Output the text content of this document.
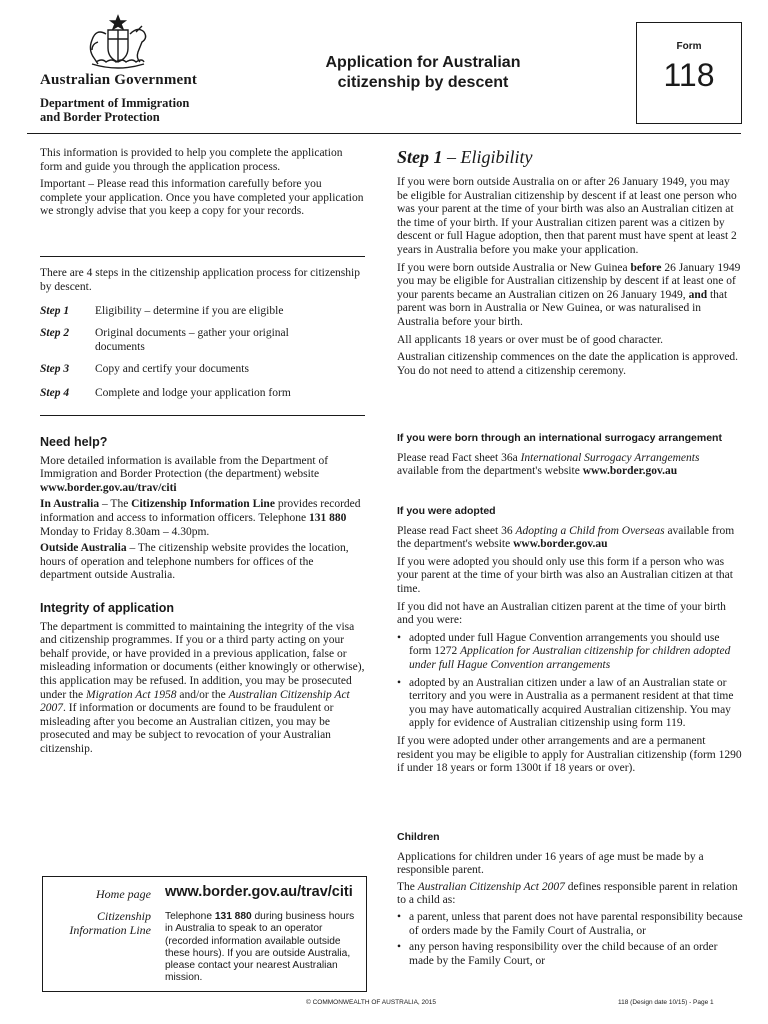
Australian Government
Department of Immigration
and Border Protection
Application for Australian
citizenship by descent
Form
118

This information is provided to help you complete the application form and guide you through the application process.

Important – Please read this information carefully before you complete your application. Once you have completed your application we strongly advise that you keep a copy for your records.

There are 4 steps in the citizenship application process for citizenship by descent.
Step 1	Eligibility – determine if you are eligible
Step 2	Original documents – gather your original documents
Step 3	Copy and certify your documents
Step 4	Complete and lodge your application form
Need help?

More detailed information is available from the Department of Immigration and Border Protection (the department) website www.border.gov.au/trav/citi

In Australia – The Citizenship Information Line provides recorded information and access to information officers. Telephone 131 880 Monday to Friday 8.30am – 4.30pm.

Outside Australia – The citizenship website provides the location, hours of operation and telephone numbers for offices of the department outside Australia.

Integrity of application

The department is committed to maintaining the integrity of the visa and citizenship programmes. If you or a third party acting on your behalf provide, or have provided in a previous application, false or misleading information or documents (either knowingly or otherwise), this application may be refused. In addition, you may be prosecuted under the Migration Act 1958 and/or the Australian Citizenship Act 2007. If information or documents are found to be fraudulent or misleading after you become an Australian citizen, you may be prosecuted and may be subject to revocation of your Australian citizenship.

Home page www.border.gov.au/trav/citi
Citizenship
Information Line
Telephone 131 880 during business hours in Australia to speak to an operator (recorded information available outside these hours). If you are outside Australia, please contact your nearest Australian mission.
Step 1 – Eligibility

If you were born outside Australia on or after 26 January 1949, you may be eligible for Australian citizenship by descent if at least one person who was your parent at the time of your birth was also an Australian citizen at the time of your birth. If your Australian citizen parent was a citizen by descent or full Hague adoption, then that parent must have spent at least 2 years in Australia before you make your application.

If you were born outside Australia or New Guinea before 26 January 1949 you may be eligible for Australian citizenship by descent if at least one of your parents became an Australian citizen on 26 January 1949, and that parent was born in Australia or New Guinea, or was naturalised in Australia before your birth.

All applicants 18 years or over must be of good character.

Australian citizenship commences on the date the application is approved. You do not need to attend a citizenship ceremony.

If you were born through an international surrogacy arrangement

Please read Fact sheet 36a International Surrogacy Arrangements available from the department's website www.border.gov.au

If you were adopted

Please read Fact sheet 36 Adopting a Child from Overseas available from the department's website www.border.gov.au

If you were adopted you should only use this form if a person who was your parent at the time of your birth was also an Australian citizen at that time.

If you did not have an Australian citizen parent at the time of your birth and you were:

• adopted under full Hague Convention arrangements you should use form 1272 Application for Australian citizenship for children adopted under full Hague Convention arrangements
• adopted by an Australian citizen under a law of an Australian state or territory and you were in Australia as a permanent resident at that time you may have automatically acquired Australian citizenship. You may apply for evidence of Australian citizenship using form 119.

If you were adopted under other arrangements and are a permanent resident you may be eligible to apply for Australian citizenship (form 1290 if under 18 years or form 1300t if 18 years or over).

Children

Applications for children under 16 years of age must be made by a responsible parent.

The Australian Citizenship Act 2007 defines responsible parent in relation to a child as:

• a parent, unless that parent does not have parental responsibility because of orders made by the Family Court of Australia, or
• any person having responsibility over the child because of an order made by the Family Court, or
© COMMONWEALTH OF AUSTRALIA, 2015	118 (Design date 10/15) - Page 1
